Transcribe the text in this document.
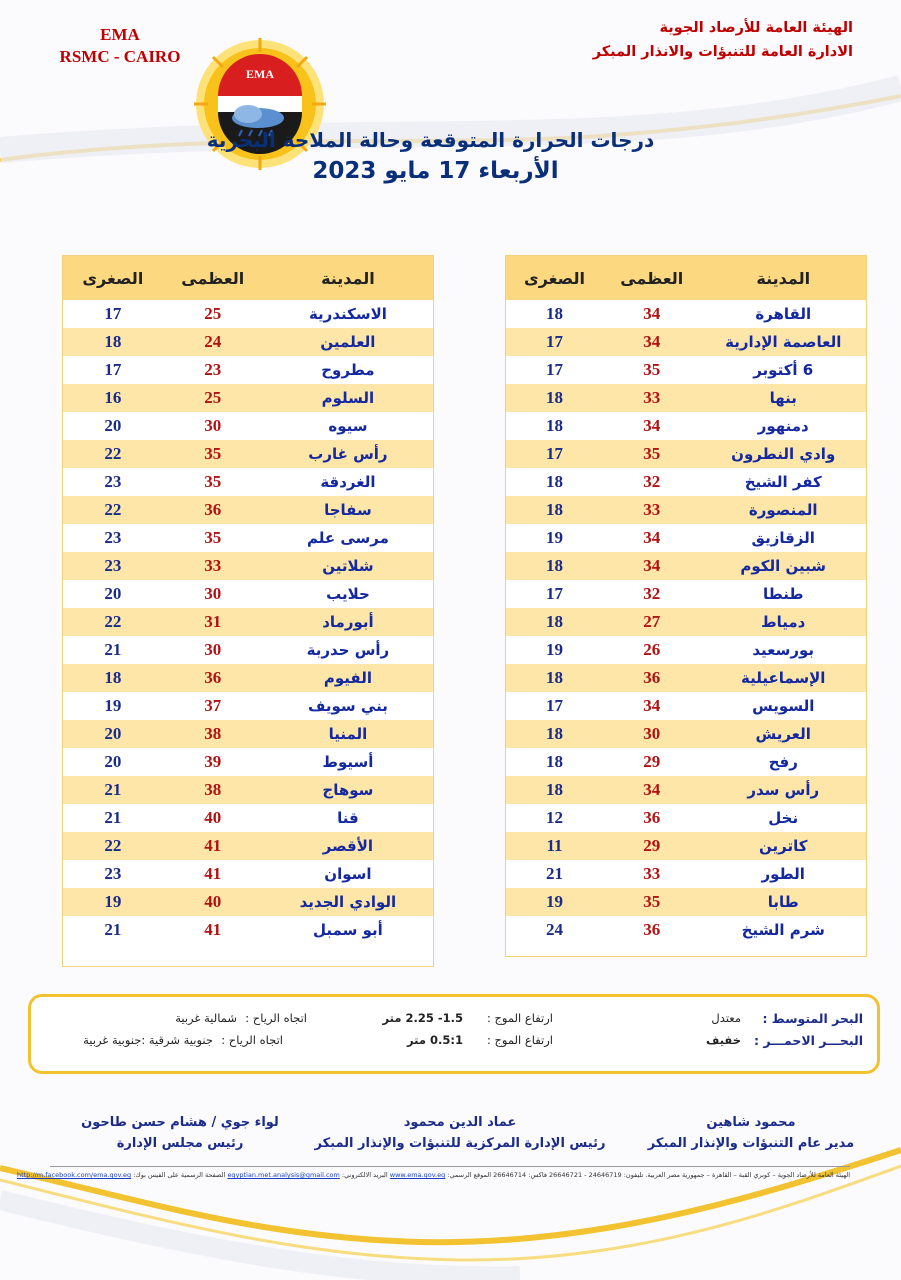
EMA
RSMC - CAIRO
EMA
الهيئة العامة للأرصاد الجوية
الادارة العامة للتنبؤات والانذار المبكر
درجات الحرارة المتوقعة وحالة الملاحة البحرية
الأربعاء 17 مايو 2023
المدينة	العظمى	الصغرى
القاهرة	34	18
العاصمة الإدارية	34	17
6 أكتوبر	35	17
بنها	33	18
دمنهور	34	18
وادي النطرون	35	17
كفر الشيخ	32	18
المنصورة	33	18
الزقازيق	34	19
شبين الكوم	34	18
طنطا	32	17
دمياط	27	18
بورسعيد	26	19
الإسماعيلية	36	18
السويس	34	17
العريش	30	18
رفح	29	18
رأس سدر	34	18
نخل	36	12
كاترين	29	11
الطور	33	21
طابا	35	19
شرم الشيخ	36	24

المدينة	العظمى	الصغرى
الاسكندرية	25	17
العلمين	24	18
مطروح	23	17
السلوم	25	16
سيوه	30	20
رأس غارب	35	22
الغردقة	35	23
سفاجا	36	22
مرسى علم	35	23
شلاتين	33	23
حلايب	30	20
أبورماد	31	22
رأس حدربة	30	21
الفيوم	36	18
بني سويف	37	19
المنيا	38	20
أسيوط	39	20
سوهاج	38	21
قنا	40	21
الأقصر	41	22
اسوان	41	23
الوادي الجديد	40	19
أبو سمبل	41	21

البحر المتوسط :
معتدل
ارتفاع الموج :
1.5- 2.25 متر
اتجاه الرياح :
شمالية غربية
البحـــر الاحمـــر :
خفيف
ارتفاع الموج :
0.5:1 متر
اتجاه الرياح :
جنوبية شرقية :جنوبية غربية
محمود شاهين
مدير عام التنبؤات والإنذار المبكر
عماد الدين محمود
رئيس الإدارة المركزية للتنبؤات والإنذار المبكر
لواء جوي / هشام حسن طاحون
رئيس مجلس الإدارة
الهيئة العامة للأرصاد الجوية – كوبري القبة – القاهرة – جمهورية مصر العربية. تليفون: 24646719 - 26646721 فاكس: 26646714 الموقع الرسمي: www.ema.gov.eg البريد الالكتروني: egyptian.met.analysis@gmail.com الصفحة الرسمية على الفيس بوك: http://m.facebook.com/ema.gov.eg
